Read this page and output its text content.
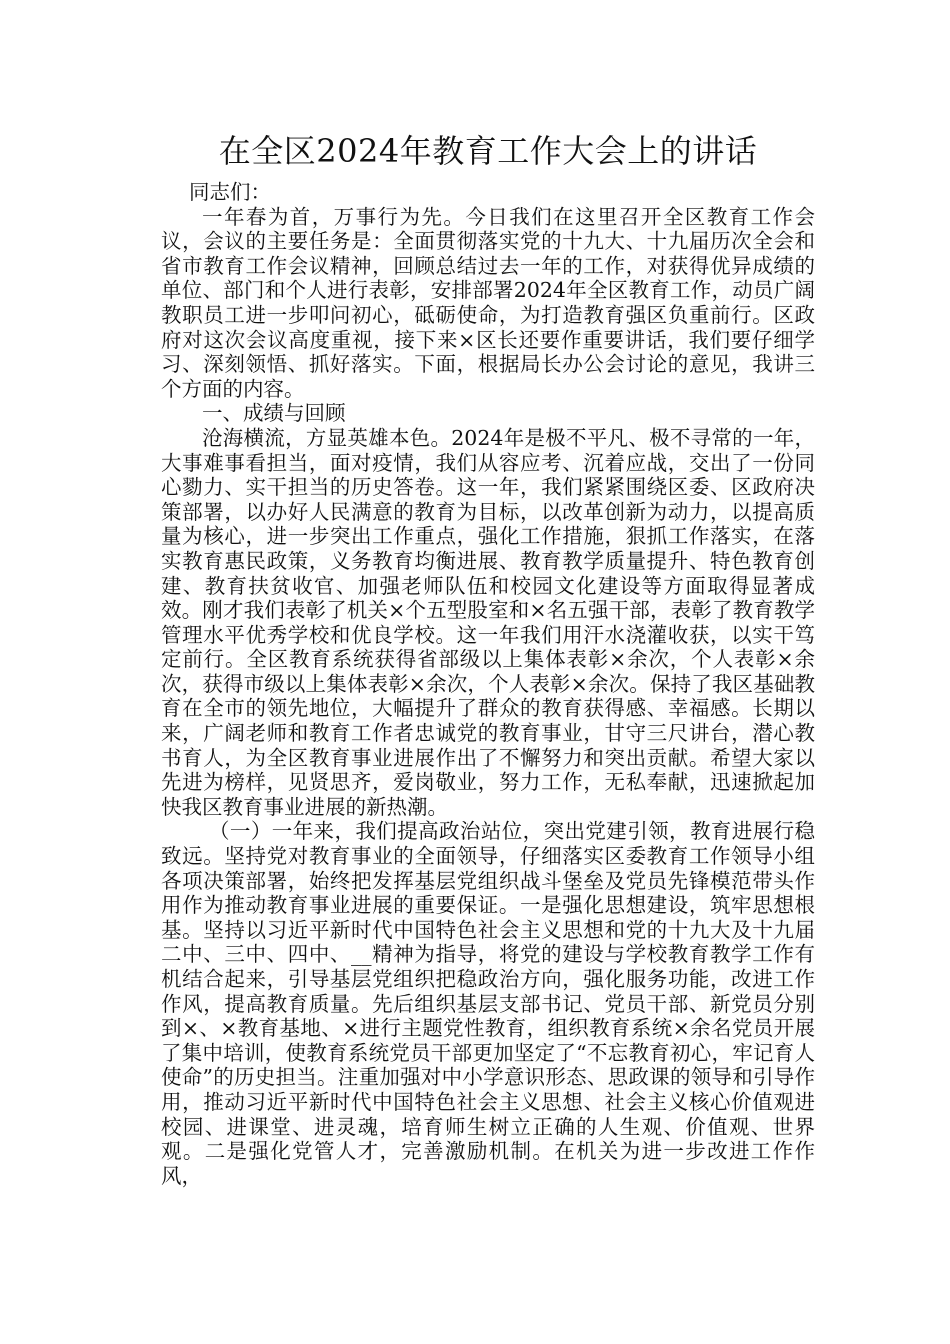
在全区2024年教育工作大会上的讲话

同志们：

一年春为首，万事行为先。今日我们在这里召开全区教育工作会议，会议的主要任务是：全面贯彻落实党的十九大、十九届历次全会和省市教育工作会议精神，回顾总结过去一年的工作，对获得优异成绩的单位、部门和个人进行表彰，安排部署2024年全区教育工作，动员广阔教职员工进一步叩问初心，砥砺使命，为打造教育强区负重前行。区政府对这次会议高度重视，接下来×区长还要作重要讲话，我们要仔细学习、深刻领悟、抓好落实。下面，根据局长办公会讨论的意见，我讲三个方面的内容。

一、成绩与回顾

沧海横流，方显英雄本色。2024年是极不平凡、极不寻常的一年，大事难事看担当，面对疫情，我们从容应考、沉着应战，交出了一份同心勠力、实干担当的历史答卷。这一年，我们紧紧围绕区委、区政府决策部署，以办好人民满意的教育为目标，以改革创新为动力，以提高质量为核心，进一步突出工作重点，强化工作措施，狠抓工作落实，在落实教育惠民政策，义务教育均衡进展、教育教学质量提升、特色教育创建、教育扶贫收官、加强老师队伍和校园文化建设等方面取得显著成效。刚才我们表彰了机关×个五型股室和×名五强干部，表彰了教育教学管理水平优秀学校和优良学校。这一年我们用汗水浇灌收获，以实干笃定前行。全区教育系统获得省部级以上集体表彰×余次，个人表彰×余次，获得市级以上集体表彰×余次，个人表彰×余次。保持了我区基础教育在全市的领先地位，大幅提升了群众的教育获得感、幸福感。长期以来，广阔老师和教育工作者忠诚党的教育事业，甘守三尺讲台，潜心教书育人，为全区教育事业进展作出了不懈努力和突出贡献。希望大家以先进为榜样，见贤思齐，爱岗敬业，努力工作，无私奉献，迅速掀起加快我区教育事业进展的新热潮。

（一）一年来，我们提高政治站位，突出党建引领，教育进展行稳致远。坚持党对教育事业的全面领导，仔细落实区委教育工作领导小组各项决策部署，始终把发挥基层党组织战斗堡垒及党员先锋模范带头作用作为推动教育事业进展的重要保证。一是强化思想建设，筑牢思想根基。坚持以习近平新时代中国特色社会主义思想和党的十九大及十九届二中、三中、四中、__精神为指导，将党的建设与学校教育教学工作有机结合起来，引导基层党组织把稳政治方向，强化服务功能，改进工作作风，提高教育质量。先后组织基层支部书记、党员干部、新党员分别到×、×教育基地、×进行主题党性教育，组织教育系统×余名党员开展了集中培训，使教育系统党员干部更加坚定了“不忘教育初心，牢记育人使命”的历史担当。注重加强对中小学意识形态、思政课的领导和引导作用，推动习近平新时代中国特色社会主义思想、社会主义核心价值观进校园、进课堂、进灵魂，培育师生树立正确的人生观、价值观、世界观。二是强化党管人才，完善激励机制。在机关为进一步改进工作作风，
